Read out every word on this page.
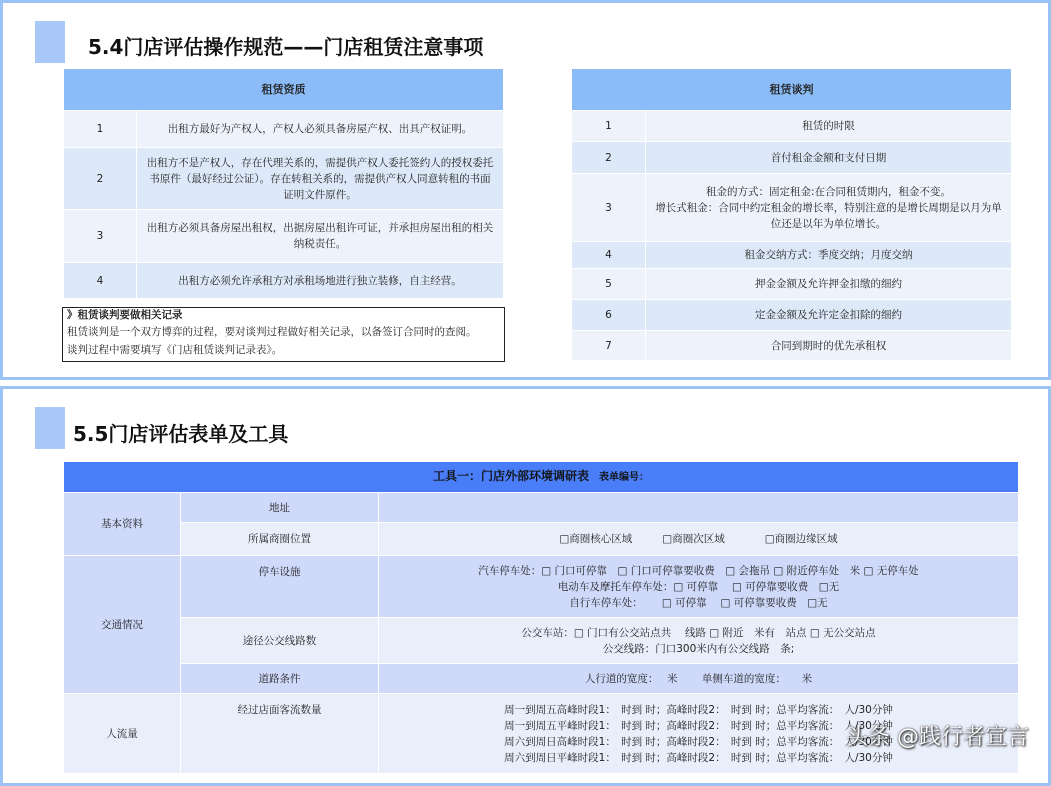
5.4门店评估操作规范——门店租赁注意事项
租赁资质	
1	出租方最好为产权人，产权人必须具备房屋产权、出具产权证明。
2	出租方不是产权人，存在代理关系的，需提供产权人委托签约人的授权委托书原件（最好经过公证）。存在转租关系的，需提供产权人同意转租的书面证明文件原件。
3	出租方必须具备房屋出租权，出据房屋出租许可证，并承担房屋出租的相关纳税责任。
4	出租方必须允许承租方对承租场地进行独立装修，自主经营。
》租赁谈判要做相关记录
租赁谈判是一个双方博弈的过程，要对谈判过程做好相关记录，以备签订合同时的查阅。
谈判过程中需要填写《门店租赁谈判记录表》。
租赁谈判	
1	租赁的时限
2	首付租金金额和支付日期
3	租金的方式：固定租金:在合同租赁期内，租金不变。
增长式租金：合同中约定租金的增长率，特别注意的是增长周期是以月为单位还是以年为单位增长。

4	租金交纳方式：季度交纳；月度交纳
5	押金金额及允许押金扣缴的细约
6	定金金额及允许定金扣除的细约
7	合同到期时的优先承租权
5.5门店评估表单及工具
工具一：门店外部环境调研表 表单编号：		
基本资料	地址	
	所属商圈位置	□商圈核心区域 □商圈次区域 □商圈边缘区域
交通情况	停车设施	汽车停车处：□ 门口可停靠　□ 门口可停靠要收费　□ 会拖吊 □ 附近停车处　米 □ 无停车处
电动车及摩托车停车处：□ 可停靠　 □ 可停靠要收费　□无
自行车停车处：　　 □ 可停靠　 □ 可停靠要收费　□无

	途径公交线路数	公交车站：□ 门口有公交站点共　 线路 □ 附近　米有　站点 □ 无公交站点
公交线路：门口300米内有公交线路　条;

	道路条件	人行道的宽度：　 米　　 单侧车道的宽度：　　米
人流量	经过店面客流数量	周一到周五高峰时段1：　时到 时；高峰时段2：　时到 时；总平均客流：　人/30分钟
周一到周五平峰时段1：　时到 时；高峰时段2：　时到 时；总平均客流：　人/30分钟
周六到周日高峰时段1：　时到 时；高峰时段2：　时到 时；总平均客流：　人/30分钟
周六到周日平峰时段1：　时到 时；高峰时段2：　时到 时；总平均客流：　人/30分钟
头条 @践行者宣言
